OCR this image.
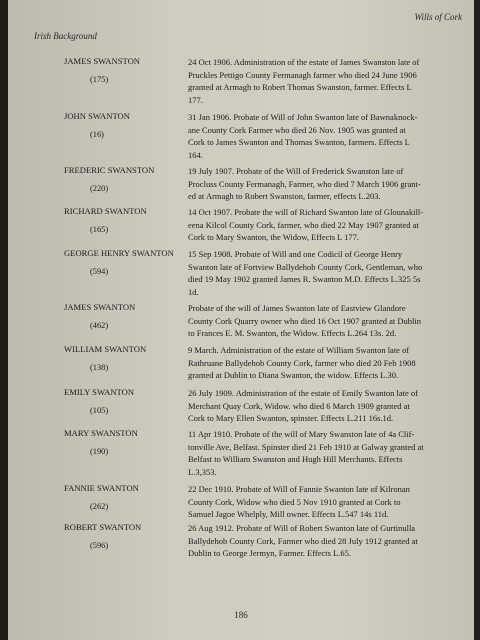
Irish Background
Wills of Cork
JAMES SWANSTON
(175)
24 Oct 1906. Administration of the estate of James Swanston late of
Pruckles Pettigo County Fermanagh farmer who died 24 June 1906
granted at Armagh to Robert Thomas Swanston, farmer. Effects L
177.
JOHN SWANTON
(16)
31 Jan 1906. Probate of Will of John Swanton late of Bawnaknock-
ane County Cork Farmer who died 26 Nov. 1905 was granted at
Cork to James Swanton and Thomas Swanton, farmers. Effects L
164.
FREDERIC SWANSTON
(220)
19 July 1907. Probate of the Will of Frederick Swanston late of
Procluss County Fermanagh, Farmer, who died 7 March 1906 grant-
ed at Armagh to Robert Swanston, farmer, effects L.203.
RICHARD SWANTON
(165)
14 Oct 1907. Probate the will of Richard Swanton late of Glounakill-
eena Kilcol County Cork, farmer, who died 22 May 1907 granted at
Cork to Mary Swanton, the Widow, Effects L 177.
GEORGE HENRY SWANTON
(594)
15 Sep 1908. Probate of Will and one Codicil of George Henry
Swanton late of Fortview Ballydehob County Cork, Gentleman, who
died 19 May 1902 granted James R. Swanton M.D. Effects L.325 5s
1d.
JAMES SWANTON
(462)
Probate of the will of James Swanton late of Eastview Glandore
County Cork Quarry owner who died 16 Oct 1907 granted at Dublin
to Frances E. M. Swanton, the Widow. Effects L.264 13s. 2d.
WILLIAM SWANTON
(138)
9 March. Administration of the estate of William Swanton late of
Rathruane Ballydehob County Cork, farmer who died 20 Feb 1908
granted at Dublin to Diana Swanton, the widow. Effects L.30.
EMILY SWANTON
(105)
26 July 1909. Administration of the estate of Emily Swanton late of
Merchant Quay Cork, Widow. who died 6 March 1909 granted at
Cork to Mary Ellen Swanton, spinster. Effects L.211 16s.1d.
MARY SWANSTON
(190)
11 Apr 1910. Probate of the will of Mary Swanston late of 4a Clif-
tonville Ave, Belfast. Spinster died 21 Feb 1910 at Galway granted at
Belfast to William Swanston and Hugh Hill Merchants. Effects
L.3,353.
FANNIE SWANTON
(262)
22 Dec 1910. Probate of Will of Fannie Swanton late of Kilronan
County Cork, Widow who died 5 Nov 1910 granted at Cork to
Samuel Jagoe Whelply, Mill owner. Effects L.547 14s 11d.
ROBERT SWANTON
(596)
26 Aug 1912. Probate of Will of Robert Swanton late of Gurtinulla
Ballydehob County Cork, Farmer who died 28 July 1912 granted at
Dublin to George Jermyn, Farmer. Effects L.65.
186
